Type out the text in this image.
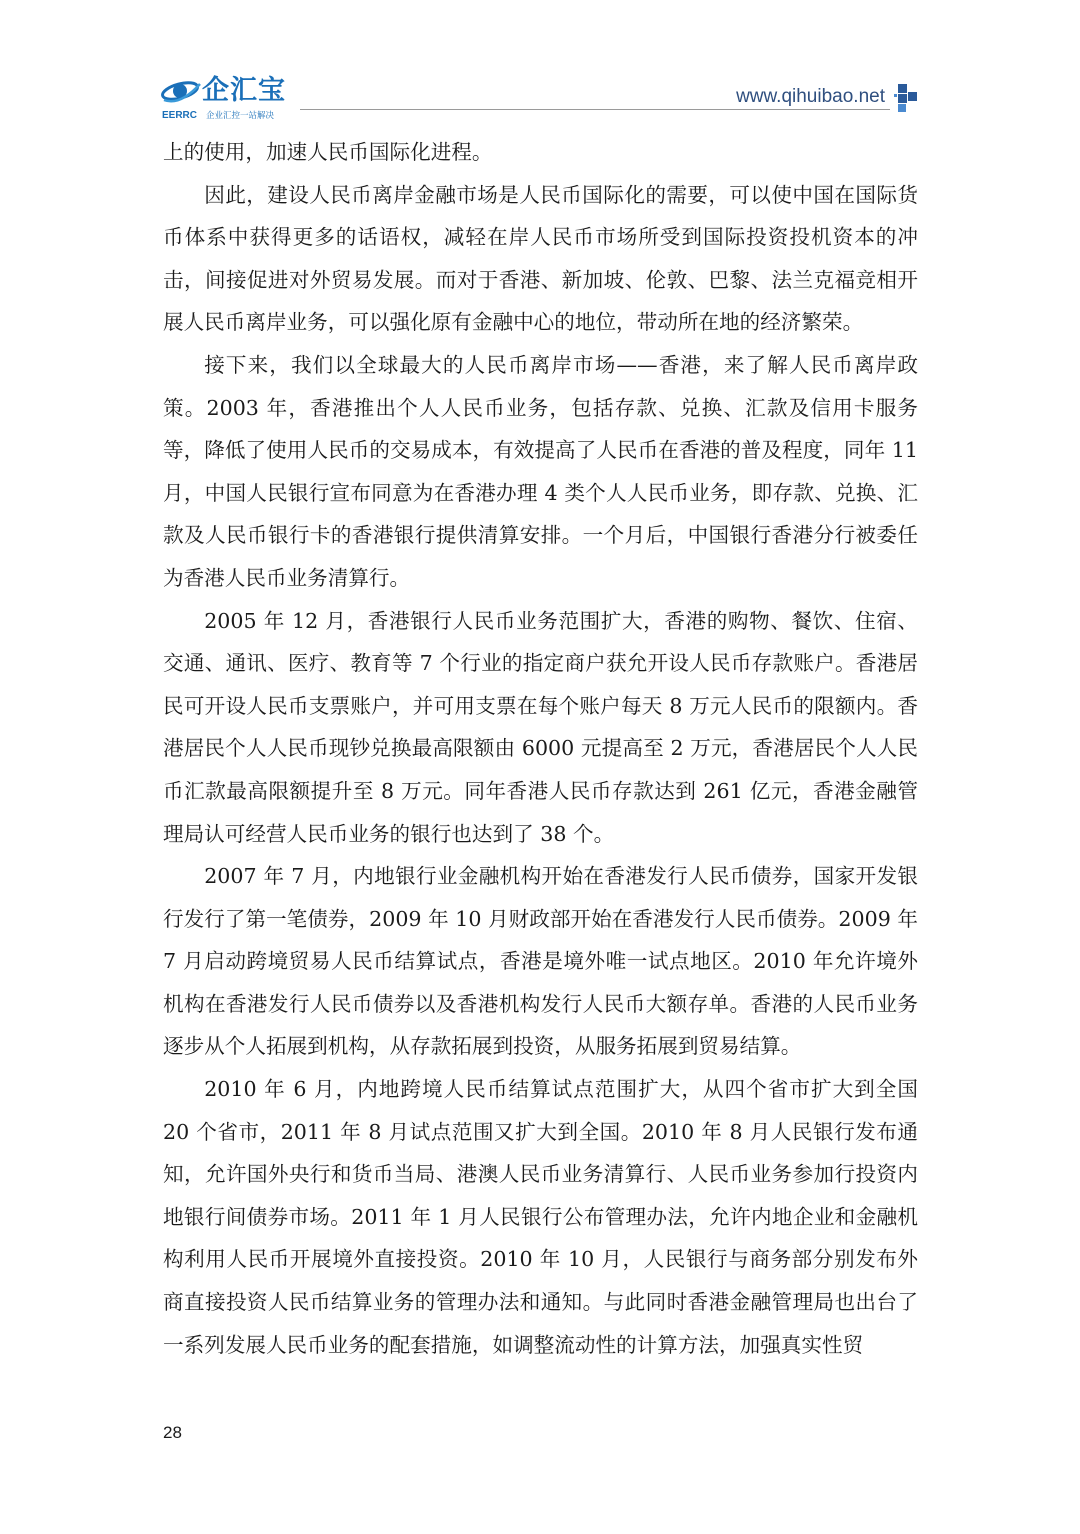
企汇宝
EERRC 企业汇控一站解决
www.qihuibao.net

上的使用，加速人民币国际化进程。

因此，建设人民币离岸金融市场是人民币国际化的需要，可以使中国在国际货币体系中获得更多的话语权，减轻在岸人民币市场所受到国际投资投机资本的冲击，间接促进对外贸易发展。而对于香港、新加坡、伦敦、巴黎、法兰克福竞相开展人民币离岸业务，可以强化原有金融中心的地位，带动所在地的经济繁荣。

接下来，我们以全球最大的人民币离岸市场——香港，来了解人民币离岸政策。2003 年，香港推出个人人民币业务，包括存款、兑换、汇款及信用卡服务等，降低了使用人民币的交易成本，有效提高了人民币在香港的普及程度，同年 11 月，中国人民银行宣布同意为在香港办理 4 类个人人民币业务，即存款、兑换、汇款及人民币银行卡的香港银行提供清算安排。一个月后，中国银行香港分行被委任为香港人民币业务清算行。

2005 年 12 月，香港银行人民币业务范围扩大，香港的购物、餐饮、住宿、交通、通讯、医疗、教育等 7 个行业的指定商户获允开设人民币存款账户。香港居民可开设人民币支票账户，并可用支票在每个账户每天 8 万元人民币的限额内。香港居民个人人民币现钞兑换最高限额由 6000 元提高至 2 万元，香港居民个人人民币汇款最高限额提升至 8 万元。同年香港人民币存款达到 261 亿元，香港金融管理局认可经营人民币业务的银行也达到了 38 个。

2007 年 7 月，内地银行业金融机构开始在香港发行人民币债券，国家开发银行发行了第一笔债券，2009 年 10 月财政部开始在香港发行人民币债券。2009 年 7 月启动跨境贸易人民币结算试点，香港是境外唯一试点地区。2010 年允许境外机构在香港发行人民币债券以及香港机构发行人民币大额存单。香港的人民币业务逐步从个人拓展到机构，从存款拓展到投资，从服务拓展到贸易结算。

2010 年 6 月，内地跨境人民币结算试点范围扩大，从四个省市扩大到全国 20 个省市，2011 年 8 月试点范围又扩大到全国。2010 年 8 月人民银行发布通知，允许国外央行和货币当局、港澳人民币业务清算行、人民币业务参加行投资内地银行间债券市场。2011 年 1 月人民银行公布管理办法，允许内地企业和金融机构利用人民币开展境外直接投资。2010 年 10 月，人民银行与商务部分别发布外商直接投资人民币结算业务的管理办法和通知。与此同时香港金融管理局也出台了一系列发展人民币业务的配套措施，如调整流动性的计算方法，加强真实性贸

28
